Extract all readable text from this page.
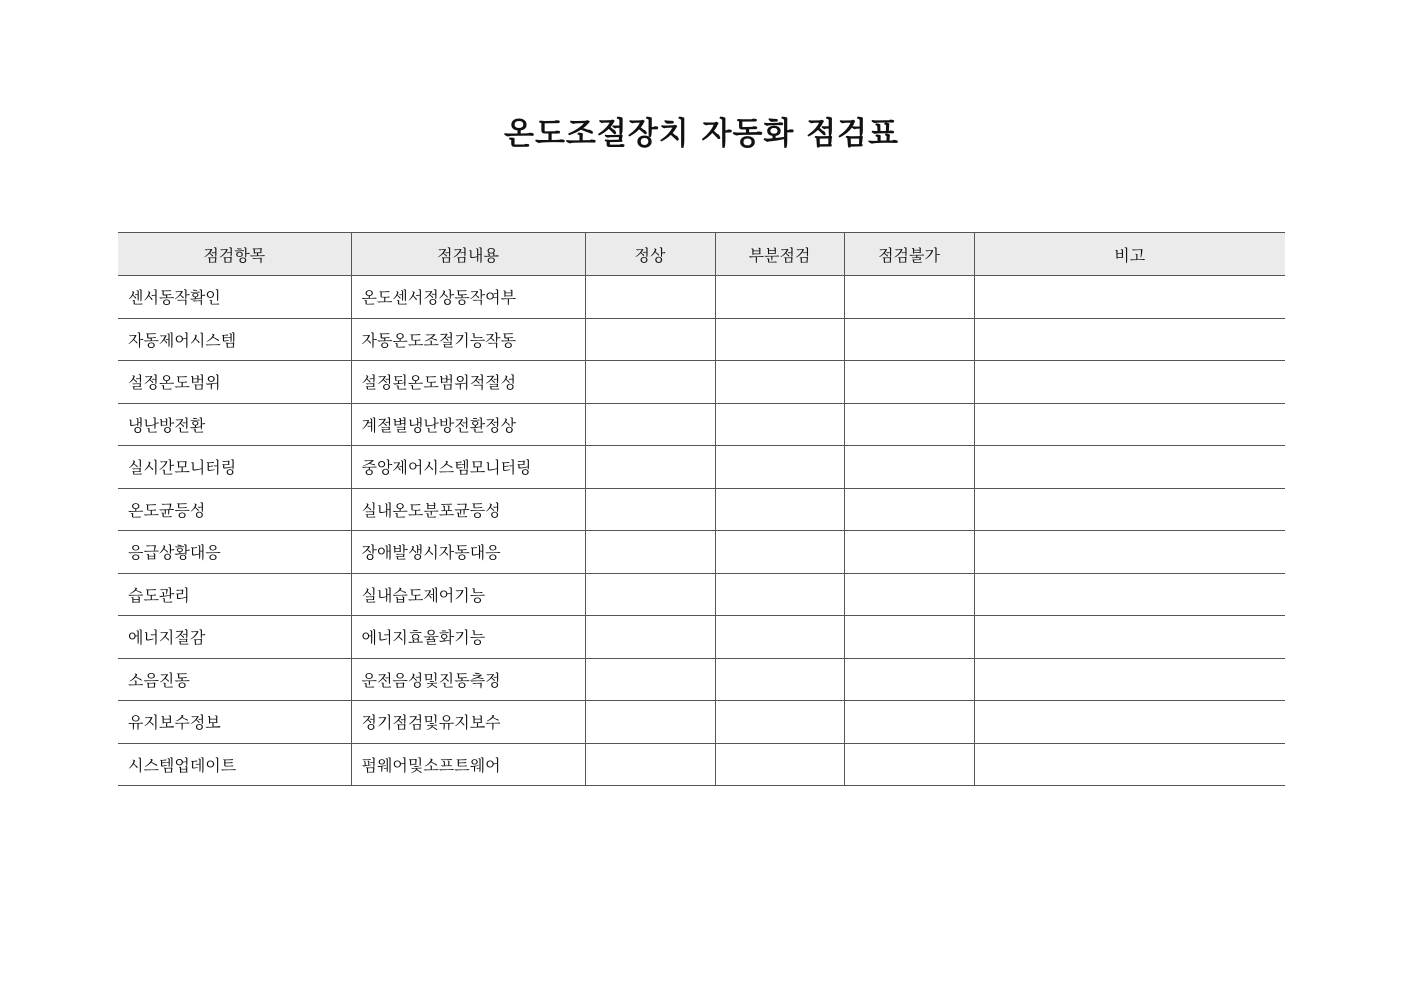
온도조절장치 자동화 점검표
점검항목	점검내용	정상	부분점검	점검불가	비고
센서동작확인	온도센서정상동작여부				
자동제어시스템	자동온도조절기능작동				
설정온도범위	설정된온도범위적절성				
냉난방전환	계절별냉난방전환정상				
실시간모니터링	중앙제어시스템모니터링				
온도균등성	실내온도분포균등성				
응급상황대응	장애발생시자동대응				
습도관리	실내습도제어기능				
에너지절감	에너지효율화기능				
소음진동	운전음성및진동측정				
유지보수정보	정기점검및유지보수				
시스템업데이트	펌웨어및소프트웨어				
